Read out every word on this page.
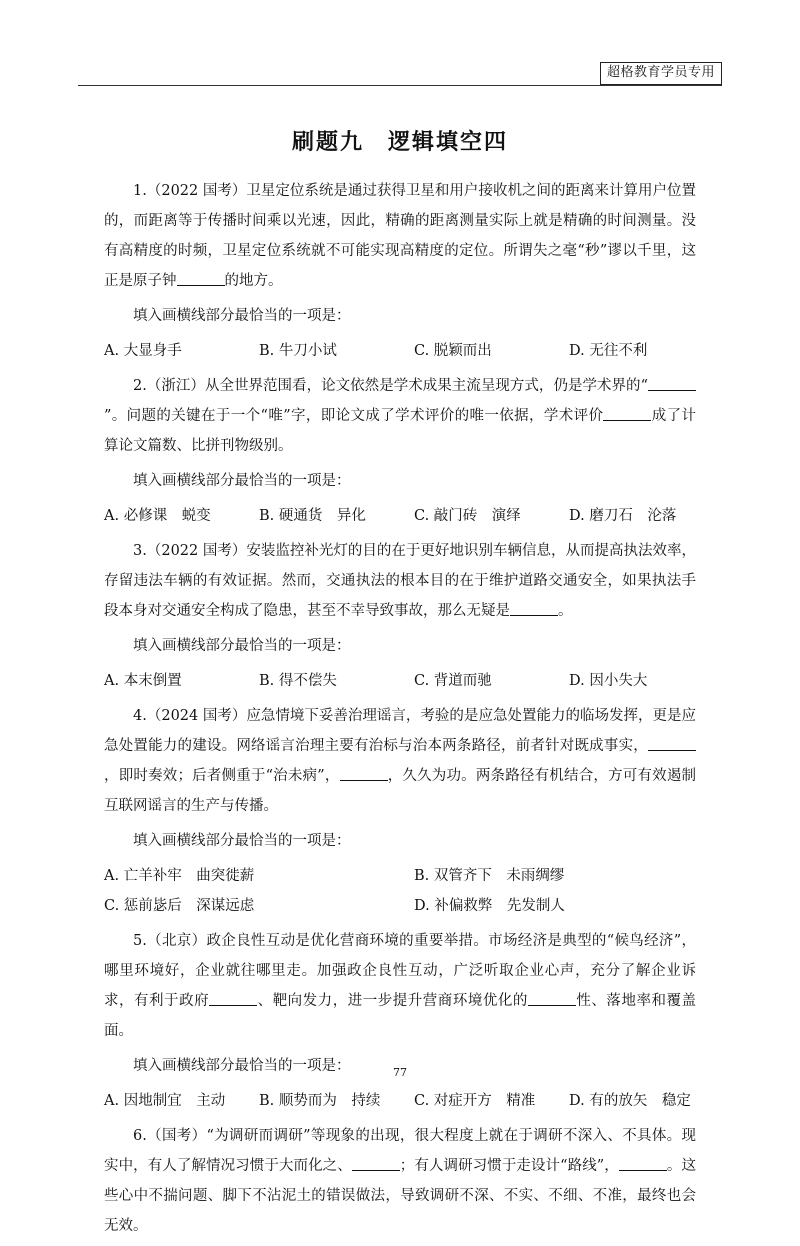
超格教育学员专用
刷题九　逻辑填空四

1.（2022 国考）卫星定位系统是通过获得卫星和用户接收机之间的距离来计算用户位置的，而距离等于传播时间乘以光速，因此，精确的距离测量实际上就是精确的时间测量。没有高精度的时频，卫星定位系统就不可能实现高精度的定位。所谓失之毫“秒”谬以千里，这正是原子钟	的地方。

填入画横线部分最恰当的一项是：
A. 大显身手	B. 牛刀小试	C. 脱颖而出	D. 无往不利

2.（浙江）从全世界范围看，论文依然是学术成果主流呈现方式，仍是学术界的“”。问题的关键在于一个“唯”字，即论文成了学术评价的唯一依据，学术评价	成了计算论文篇数、比拼刊物级别。

填入画横线部分最恰当的一项是：
A. 必修课　蜕变	B. 硬通货　异化	C. 敲门砖　演绎	D. 磨刀石　沦落

3.（2022 国考）安装监控补光灯的目的在于更好地识别车辆信息，从而提高执法效率，存留违法车辆的有效证据。然而，交通执法的根本目的在于维护道路交通安全，如果执法手段本身对交通安全构成了隐患，甚至不幸导致事故，那么无疑是	。

填入画横线部分最恰当的一项是：
A. 本末倒置	B. 得不偿失	C. 背道而驰	D. 因小失大

4.（2024 国考）应急情境下妥善治理谣言，考验的是应急处置能力的临场发挥，更是应急处置能力的建设。网络谣言治理主要有治标与治本两条路径，前者针对既成事实，，即时奏效；后者侧重于“治未病”，	，久久为功。两条路径有机结合，方可有效遏制互联网谣言的生产与传播。

填入画横线部分最恰当的一项是：
A. 亡羊补牢　曲突徙薪	B. 双管齐下　未雨绸缪
C. 惩前毖后　深谋远虑	D. 补偏救弊　先发制人

5.（北京）政企良性互动是优化营商环境的重要举措。市场经济是典型的“候鸟经济”，哪里环境好，企业就往哪里走。加强政企良性互动，广泛听取企业心声，充分了解企业诉求，有利于政府	、靶向发力，进一步提升营商环境优化的	性、落地率和覆盖面。

填入画横线部分最恰当的一项是：
A. 因地制宜　主动	B. 顺势而为　持续	C. 对症开方　精准	D. 有的放矢　稳定

6.（国考）“为调研而调研”等现象的出现，很大程度上就在于调研不深入、不具体。现实中，有人了解情况习惯于大而化之、	；有人调研习惯于走设计“路线”，	。这些心中不揣问题、脚下不沾泥土的错误做法，导致调研不深、不实、不细、不准，最终也会无效。

77
